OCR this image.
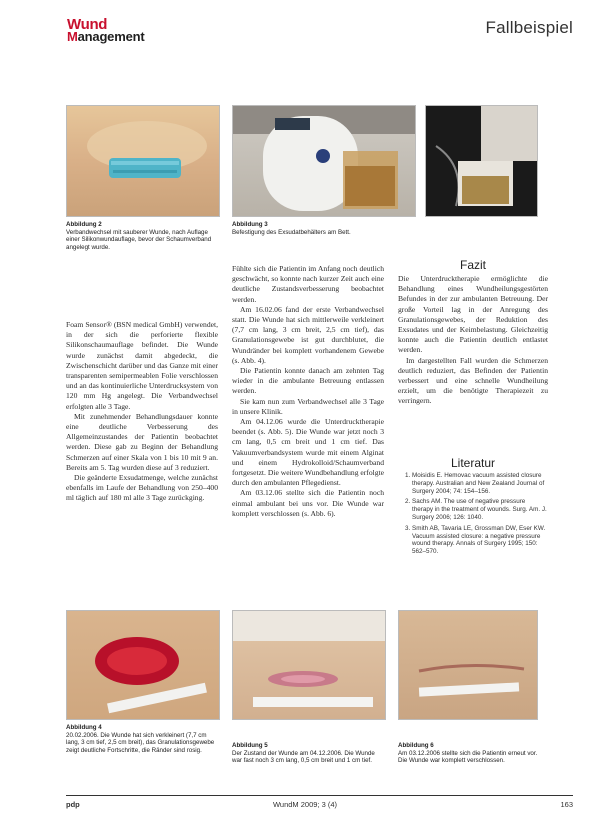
Wund
Management	Fallbeispiel
Abbildung 2
Verbandwechsel mit sauberer Wunde, nach Auflage einer Silikonwundauflage, bevor der Schaumverband angelegt wurde.
Abbildung 3
Befestigung des Exsudatbehälters am Bett.

Foam Sensor® (BSN medical GmbH) verwendet, in der sich die perforierte flexible Silikonschaumauflage befindet. Die Wunde wurde zunächst damit abgedeckt, die Zwischenschicht darüber und das Ganze mit einer transparenten semipermeablen Folie verschlossen und an das kontinuierliche Unterdrucksystem von 120 mm Hg angelegt. Die Verbandwechsel erfolgten alle 3 Tage.

Mit zunehmender Behandlungsdauer konnte eine deutliche Verbesserung des Allgemeinzustandes der Patientin beobachtet werden. Diese gab zu Beginn der Behandlung Schmerzen auf einer Skala von 1 bis 10 mit 9 an. Bereits am 5. Tag wurden diese auf 3 reduziert.

Die geänderte Exsudatmenge, welche zunächst ebenfalls im Laufe der Behandlung von 250–400 ml täglich auf 180 ml alle 3 Tage zurückging.

Fühlte sich die Patientin im Anfang noch deutlich geschwächt, so konnte nach kurzer Zeit auch eine deutliche Zustandsverbesserung beobachtet werden.

Am 16.02.06 fand der erste Verbandwechsel statt. Die Wunde hat sich mittlerweile verkleinert (7,7 cm lang, 3 cm breit, 2,5 cm tief), das Granulationsgewebe ist gut durchblutet, die Wundränder bei komplett vorhandenem Gewebe (s. Abb. 4).

Die Patientin konnte danach am zehnten Tag wieder in die ambulante Betreuung entlassen werden.

Sie kam nun zum Verbandwechsel alle 3 Tage in unsere Klinik.

Am 04.12.06 wurde die Unterdrucktherapie beendet (s. Abb. 5). Die Wunde war jetzt noch 3 cm lang, 0,5 cm breit und 1 cm tief. Das Vakuumverbandsystem wurde mit einem Alginat und einem Hydrokolloid/Schaumverband fortgesetzt. Die weitere Wundbehandlung erfolgte durch den ambulanten Pflegedienst.

Am 03.12.06 stellte sich die Patientin noch einmal ambulant bei uns vor. Die Wunde war komplett verschlossen (s. Abb. 6).

Fazit

Die Unterdrucktherapie ermöglichte die Behandlung eines Wundheilungsgestörten Befundes in der zur ambulanten Betreuung. Der große Vorteil lag in der Anregung des Granulationsgewebes, der Reduktion des Exsudates und der Keimbelastung. Gleichzeitig konnte auch die Patientin deutlich entlastet werden.

Im dargestellten Fall wurden die Schmerzen deutlich reduziert, das Befinden der Patientin verbessert und eine schnelle Wundheilung erzielt, um die benötigte Therapiezeit zu verringern.

Literatur
1. Moisidis E. Hemovac vacuum assisted closure therapy. Australian and New Zealand Journal of Surgery 2004; 74: 154–156.
2. Sachs AM. The use of negative pressure therapy in the treatment of wounds. Surg. Am. J. Surgery 2006; 126: 1040.
3. Smith AB, Tavaria LE, Grossman DW, Eser KW. Vacuum assisted closure: a negative pressure wound therapy. Annals of Surgery 1995; 150: 562–570.
Abbildung 4
20.02.2006. Die Wunde hat sich verkleinert (7,7 cm lang, 3 cm tief, 2,5 cm breit), das Granulationsgewebe zeigt deutliche Fortschritte, die Ränder sind rosig.
Abbildung 5
Der Zustand der Wunde am 04.12.2006. Die Wunde war fast noch 3 cm lang, 0,5 cm breit und 1 cm tief.
Abbildung 6
Am 03.12.2006 stellte sich die Patientin erneut vor. Die Wunde war komplett verschlossen.
pdp	WundM 2009; 3 (4)	163
